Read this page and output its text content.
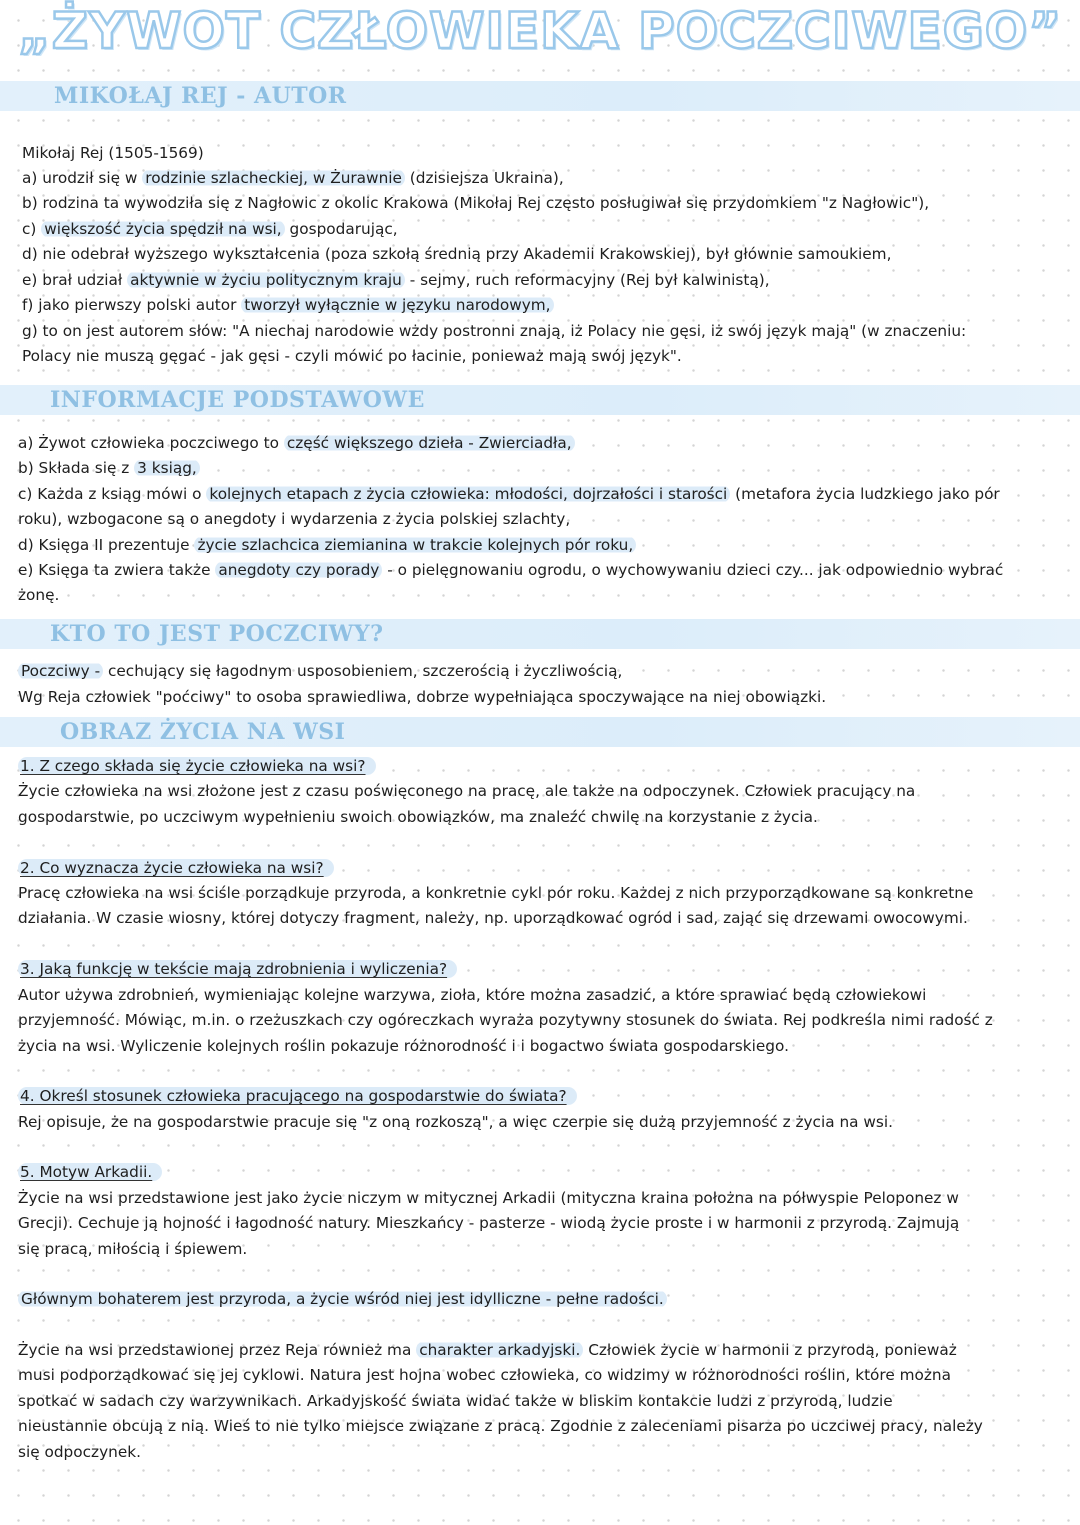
„ŻYWOT CZŁOWIEKA POCZCIWEGO”
MIKOŁAJ REJ - AUTOR
INFORMACJE PODSTAWOWE
KTO TO JEST POCZCIWY?
OBRAZ ŻYCIA NA WSI
Mikołaj Rej (1505-1569)
a) urodził się w rodzinie szlacheckiej, w Żurawnie (dzisiejsza Ukraina),
b) rodzina ta wywodziła się z Nagłowic z okolic Krakowa (Mikołaj Rej często posługiwał się przydomkiem "z Nagłowic"),
c) większość życia spędził na wsi, gospodarując,
d) nie odebrał wyższego wykształcenia (poza szkołą średnią przy Akademii Krakowskiej), był głównie samoukiem,
e) brał udział aktywnie w życiu politycznym kraju - sejmy, ruch reformacyjny (Rej był kalwinistą),
f) jako pierwszy polski autor tworzył wyłącznie w języku narodowym,
g) to on jest autorem słów: "A niechaj narodowie wżdy postronni znają, iż Polacy nie gęsi, iż swój język mają" (w znaczeniu:
Polacy nie muszą gęgać - jak gęsi - czyli mówić po łacinie, ponieważ mają swój język".
a) Żywot człowieka poczciwego to część większego dzieła - Zwierciadła,
b) Składa się z 3 ksiąg,
c) Każda z ksiąg mówi o kolejnych etapach z życia człowieka: młodości, dojrzałości i starości (metafora życia ludzkiego jako pór
roku), wzbogacone są o anegdoty i wydarzenia z życia polskiej szlachty,
d) Księga II prezentuje życie szlachcica ziemianina w trakcie kolejnych pór roku,
e) Księga ta zwiera także anegdoty czy porady - o pielęgnowaniu ogrodu, o wychowywaniu dzieci czy... jak odpowiednio wybrać
żonę.
Poczciwy - cechujący się łagodnym usposobieniem, szczerością i życzliwością,
Wg Reja człowiek "poćciwy" to osoba sprawiedliwa, dobrze wypełniająca spoczywające na niej obowiązki.
1. Z czego składa się życie człowieka na wsi?
Życie człowieka na wsi złożone jest z czasu poświęconego na pracę, ale także na odpoczynek. Człowiek pracujący na
gospodarstwie, po uczciwym wypełnieniu swoich obowiązków, ma znaleźć chwilę na korzystanie z życia.
2. Co wyznacza życie człowieka na wsi?
Pracę człowieka na wsi ściśle porządkuje przyroda, a konkretnie cykl pór roku. Każdej z nich przyporządkowane są konkretne
działania. W czasie wiosny, której dotyczy fragment, należy, np. uporządkować ogród i sad, zająć się drzewami owocowymi.
3. Jaką funkcję w tekście mają zdrobnienia i wyliczenia?
Autor używa zdrobnień, wymieniając kolejne warzywa, zioła, które można zasadzić, a które sprawiać będą człowiekowi
przyjemność. Mówiąc, m.in. o rzeżuszkach czy ogóreczkach wyraża pozytywny stosunek do świata. Rej podkreśla nimi radość z
życia na wsi. Wyliczenie kolejnych roślin pokazuje różnorodność i i bogactwo świata gospodarskiego.
4. Określ stosunek człowieka pracującego na gospodarstwie do świata?
Rej opisuje, że na gospodarstwie pracuje się "z oną rozkoszą", a więc czerpie się dużą przyjemność z życia na wsi.
5. Motyw Arkadii.
Życie na wsi przedstawione jest jako życie niczym w mitycznej Arkadii (mityczna kraina położna na półwyspie Peloponez w
Grecji). Cechuje ją hojność i łagodność natury. Mieszkańcy - pasterze - wiodą życie proste i w harmonii z przyrodą. Zajmują
się pracą, miłością i śpiewem.
Głównym bohaterem jest przyroda, a życie wśród niej jest idylliczne - pełne radości.
Życie na wsi przedstawionej przez Reja również ma charakter arkadyjski. Człowiek życie w harmonii z przyrodą, ponieważ
musi podporządkować się jej cyklowi. Natura jest hojna wobec człowieka, co widzimy w różnorodności roślin, które można
spotkać w sadach czy warzywnikach. Arkadyjskość świata widać także w bliskim kontakcie ludzi z przyrodą, ludzie
nieustannie obcują z nią. Wieś to nie tylko miejsce związane z pracą. Zgodnie z zaleceniami pisarza po uczciwej pracy, należy
się odpoczynek.
